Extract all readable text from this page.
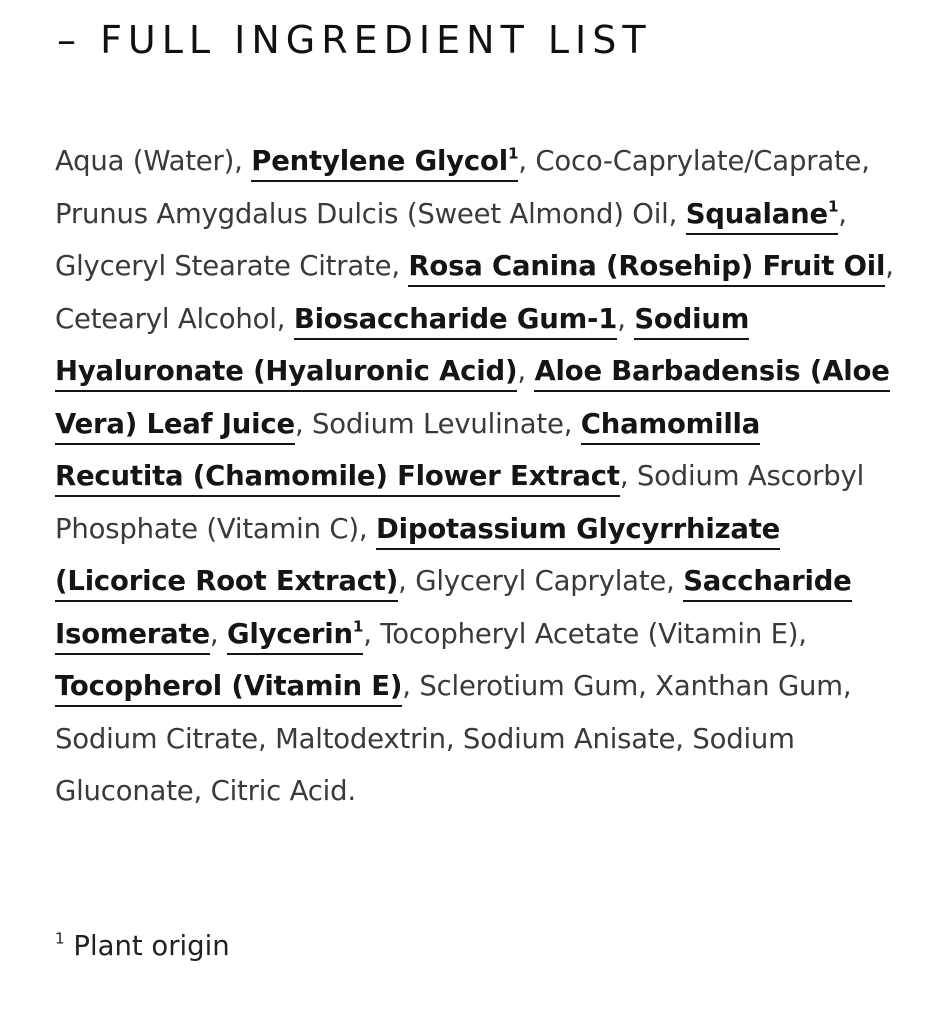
– FULL INGREDIENT LIST

Aqua (Water), Pentylene Glycol$^1$, Coco-Caprylate/Caprate, Prunus Amygdalus Dulcis (Sweet Almond) Oil, Squalane$^1$, Glyceryl Stearate Citrate, Rosa Canina (Rosehip) Fruit Oil, Cetearyl Alcohol, Biosaccharide Gum-1, Sodium Hyaluronate (Hyaluronic Acid), Aloe Barbadensis (Aloe Vera) Leaf Juice, Sodium Levulinate, Chamomilla Recutita (Chamomile) Flower Extract, Sodium Ascorbyl Phosphate (Vitamin C), Dipotassium Glycyrrhizate (Licorice Root Extract), Glyceryl Caprylate, Saccharide Isomerate, Glycerin$^1$, Tocopheryl Acetate (Vitamin E), Tocopherol (Vitamin E), Sclerotium Gum, Xanthan Gum, Sodium Citrate, Maltodextrin, Sodium Anisate, Sodium Gluconate, Citric Acid.

$^1$ Plant origin
